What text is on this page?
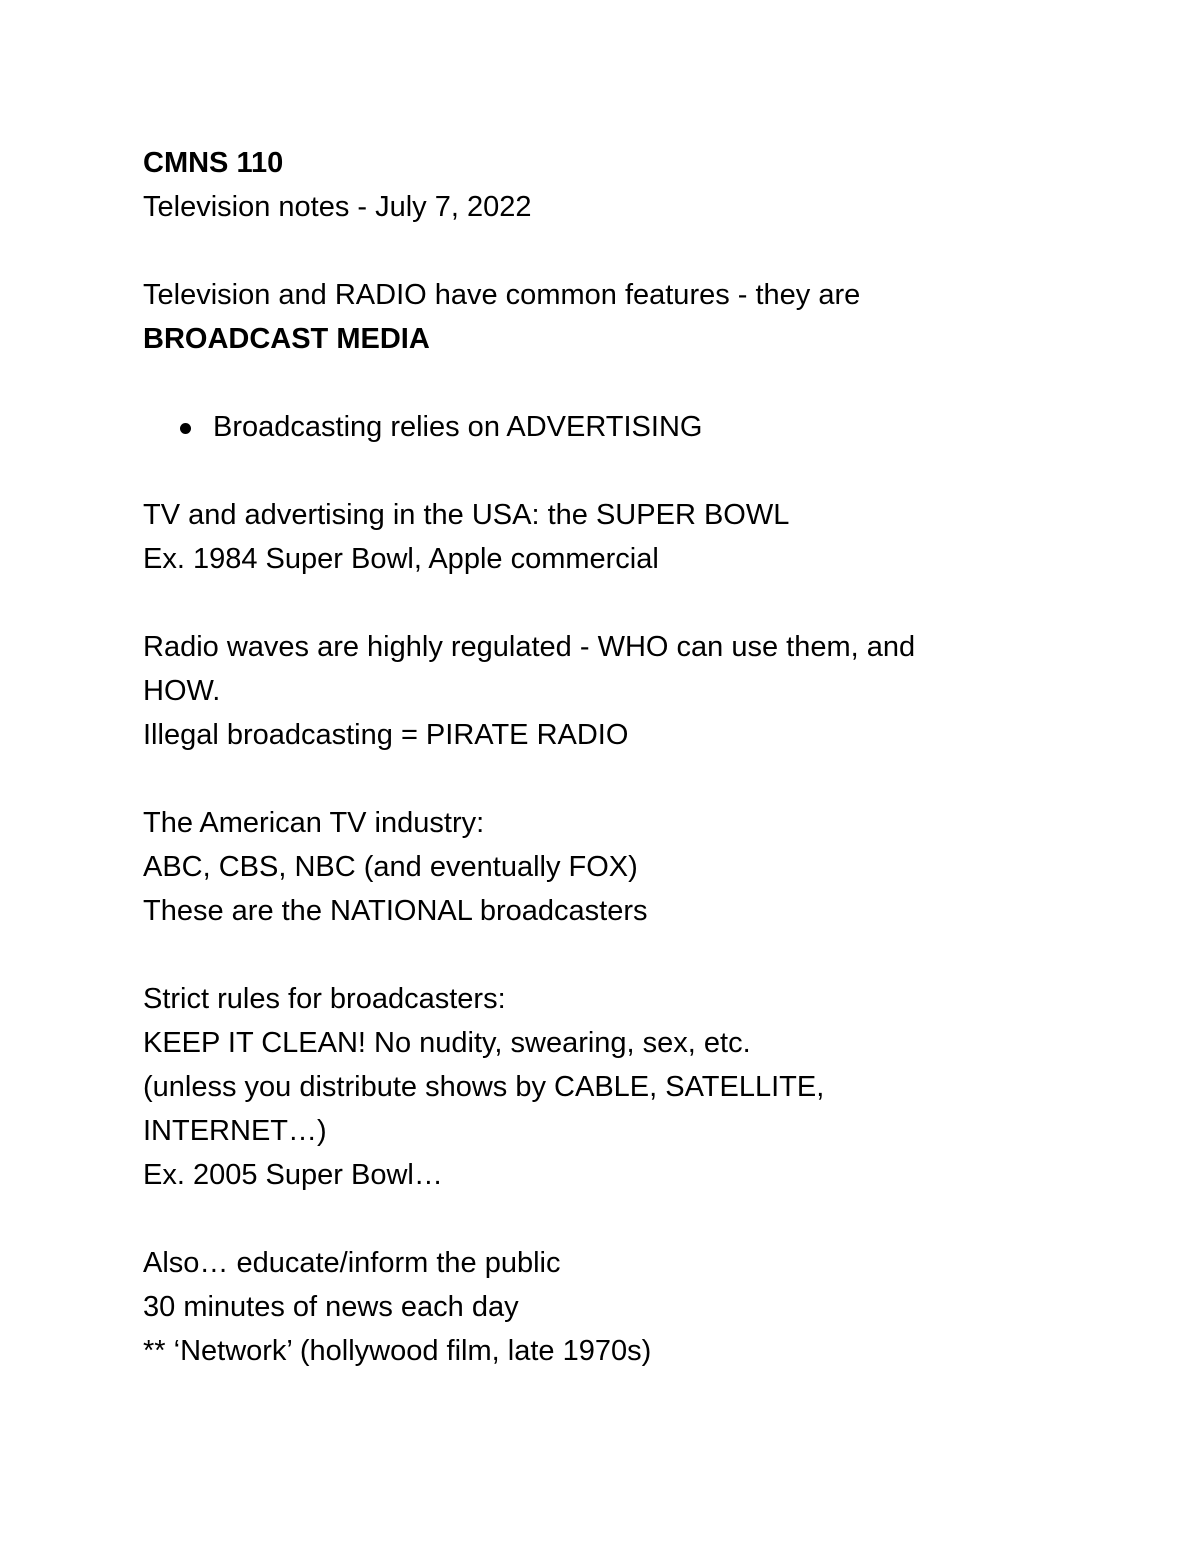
CMNS 110
Television notes - July 7, 2022
Television and RADIO have common features - they are
BROADCAST MEDIA
Broadcasting relies on ADVERTISING
TV and advertising in the USA: the SUPER BOWL
Ex. 1984 Super Bowl, Apple commercial
Radio waves are highly regulated - WHO can use them, and
HOW.
Illegal broadcasting = PIRATE RADIO
The American TV industry:
ABC, CBS, NBC (and eventually FOX)
These are the NATIONAL broadcasters
Strict rules for broadcasters:
KEEP IT CLEAN! No nudity, swearing, sex, etc.
(unless you distribute shows by CABLE, SATELLITE,
INTERNET…)
Ex. 2005 Super Bowl…
Also… educate/inform the public
30 minutes of news each day
** ‘Network’ (hollywood film, late 1970s)
